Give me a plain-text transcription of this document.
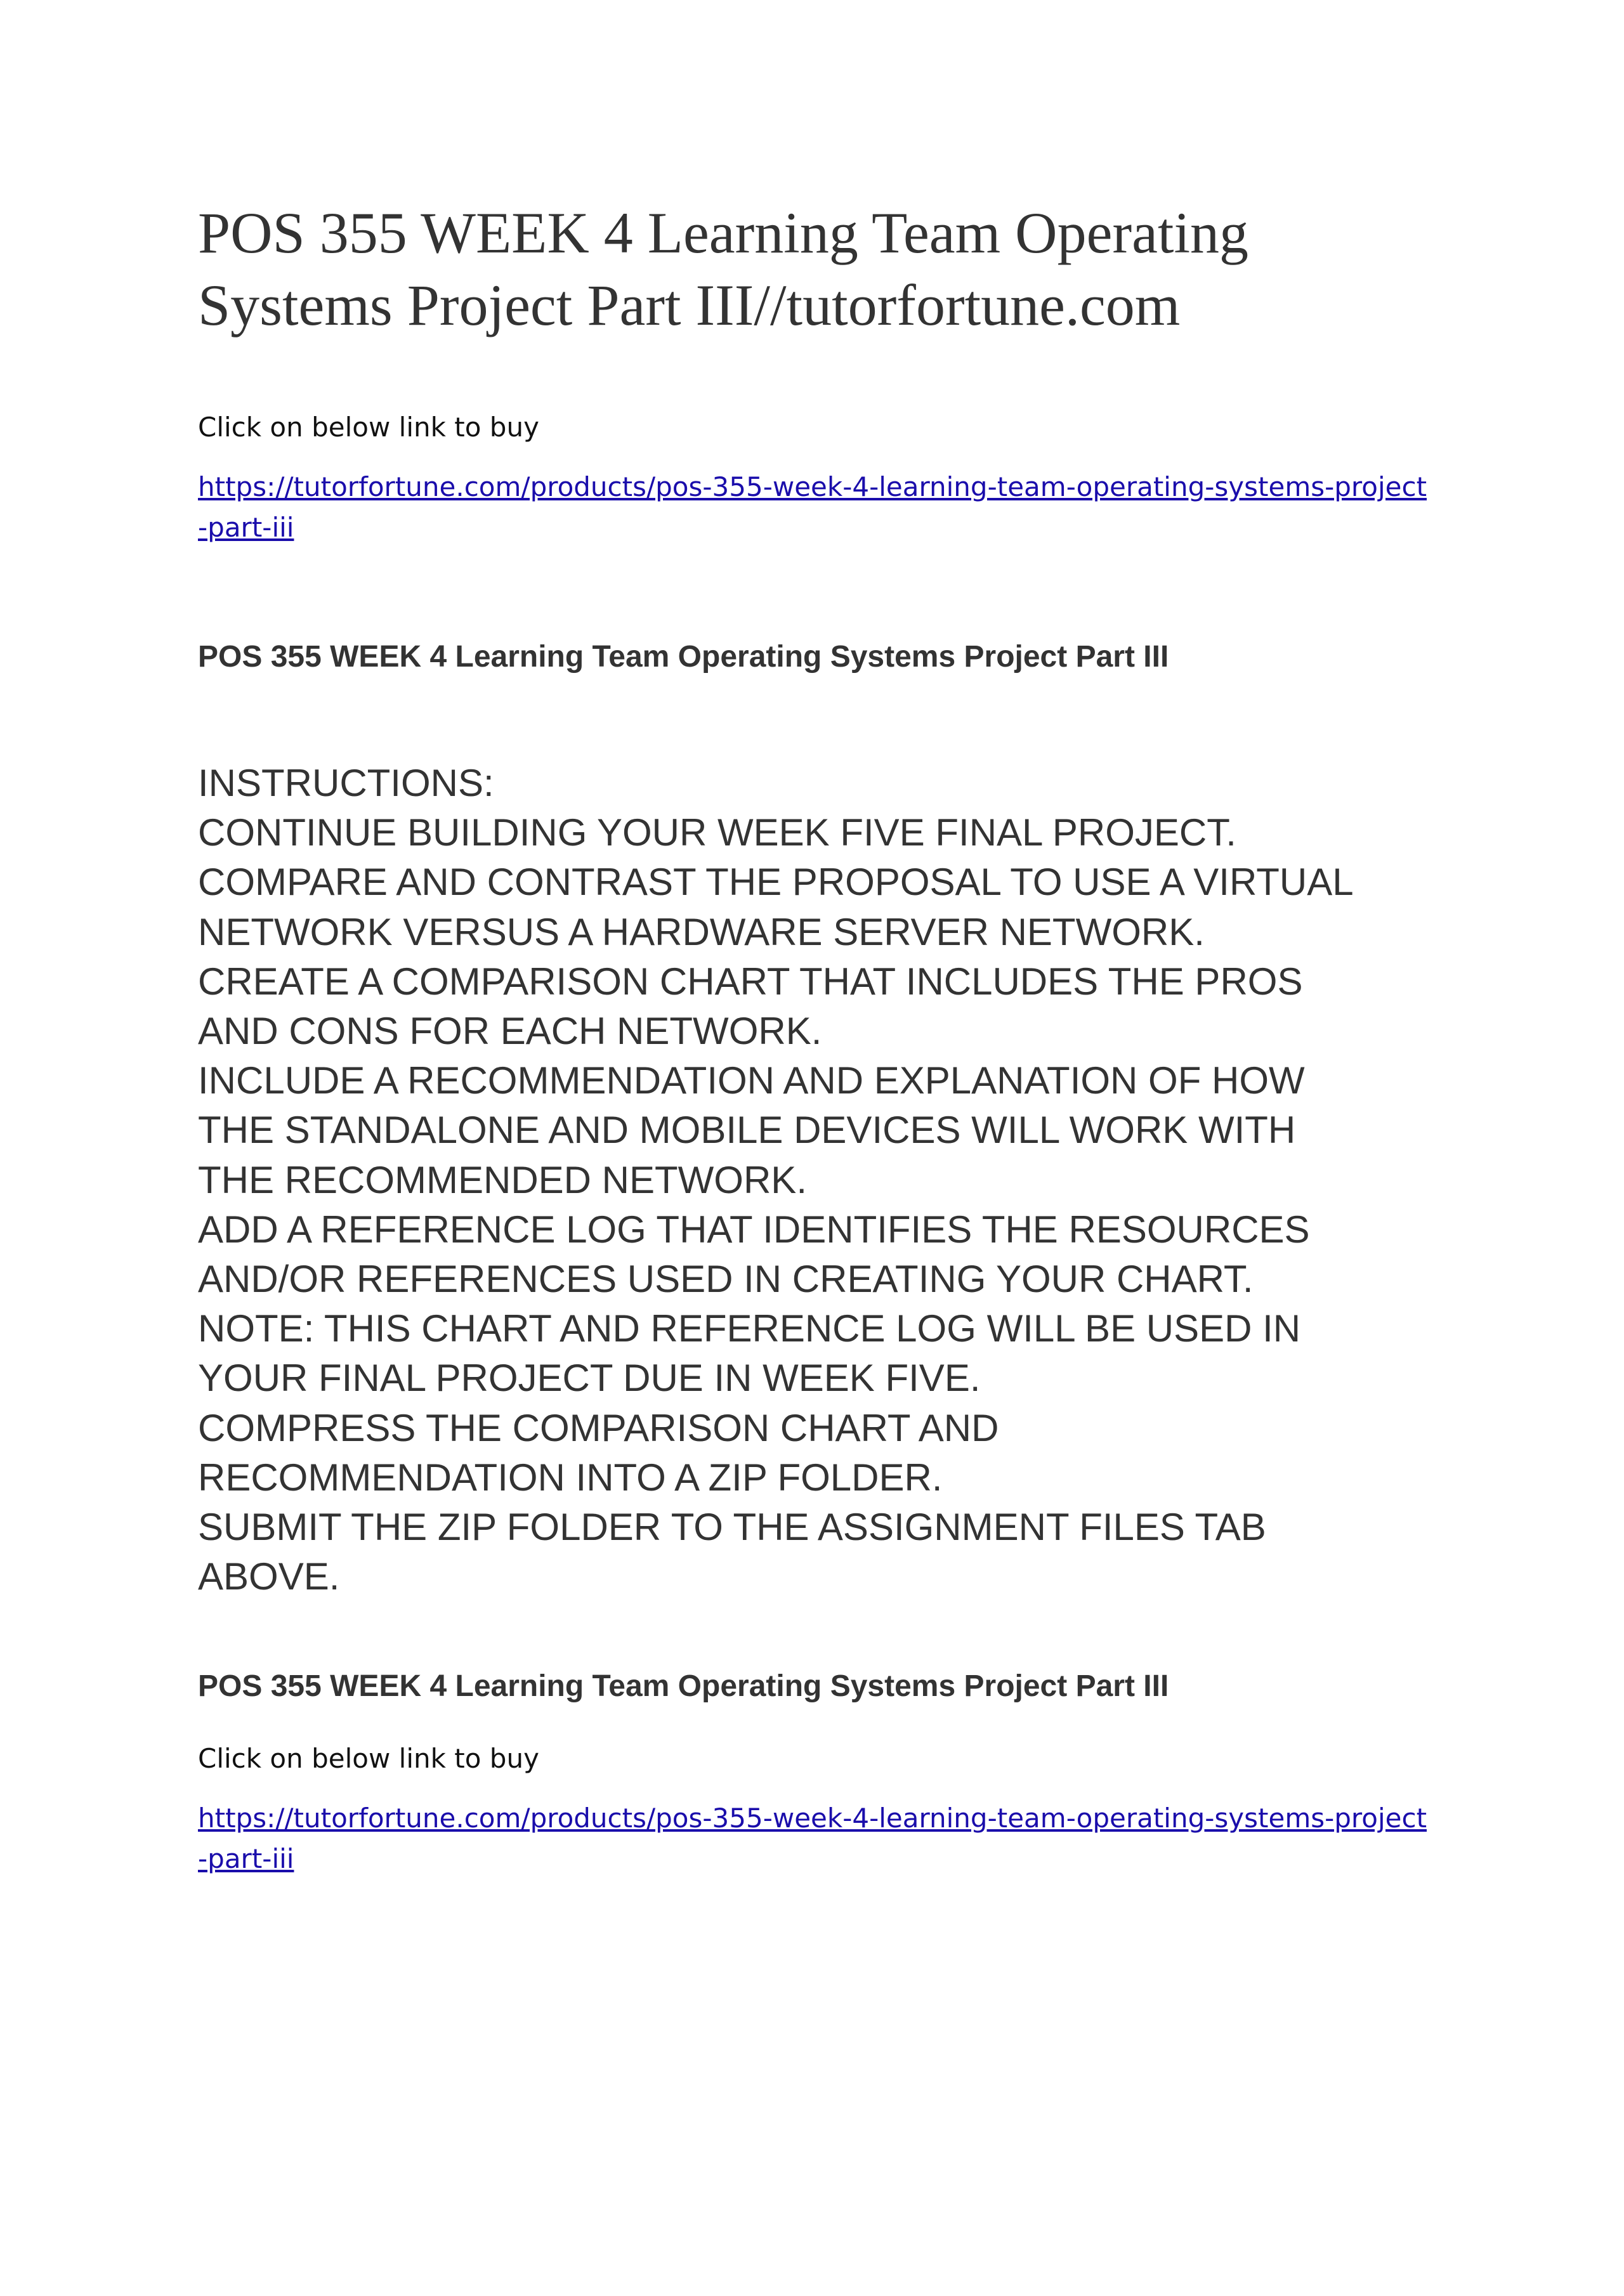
POS 355 WEEK 4 Learning Team Operating Systems Project Part III//tutorfortune.com

Click on below link to buy

https://tutorfortune.com/products/pos-355-week-4-learning-team-operating-systems-project-part-iii
POS 355 WEEK 4 Learning Team Operating Systems Project Part III
INSTRUCTIONS:
CONTINUE BUILDING YOUR WEEK FIVE FINAL PROJECT.
COMPARE AND CONTRAST THE PROPOSAL TO USE A VIRTUAL
NETWORK VERSUS A HARDWARE SERVER NETWORK.
CREATE A COMPARISON CHART THAT INCLUDES THE PROS
AND CONS FOR EACH NETWORK.
INCLUDE A RECOMMENDATION AND EXPLANATION OF HOW
THE STANDALONE AND MOBILE DEVICES WILL WORK WITH
THE RECOMMENDED NETWORK.
ADD A REFERENCE LOG THAT IDENTIFIES THE RESOURCES
AND/OR REFERENCES USED IN CREATING YOUR CHART.
NOTE: THIS CHART AND REFERENCE LOG WILL BE USED IN
YOUR FINAL PROJECT DUE IN WEEK FIVE.
COMPRESS THE COMPARISON CHART AND
RECOMMENDATION INTO A ZIP FOLDER.
SUBMIT THE ZIP FOLDER TO THE ASSIGNMENT FILES TAB
ABOVE.
POS 355 WEEK 4 Learning Team Operating Systems Project Part III

Click on below link to buy

https://tutorfortune.com/products/pos-355-week-4-learning-team-operating-systems-project-part-iii
